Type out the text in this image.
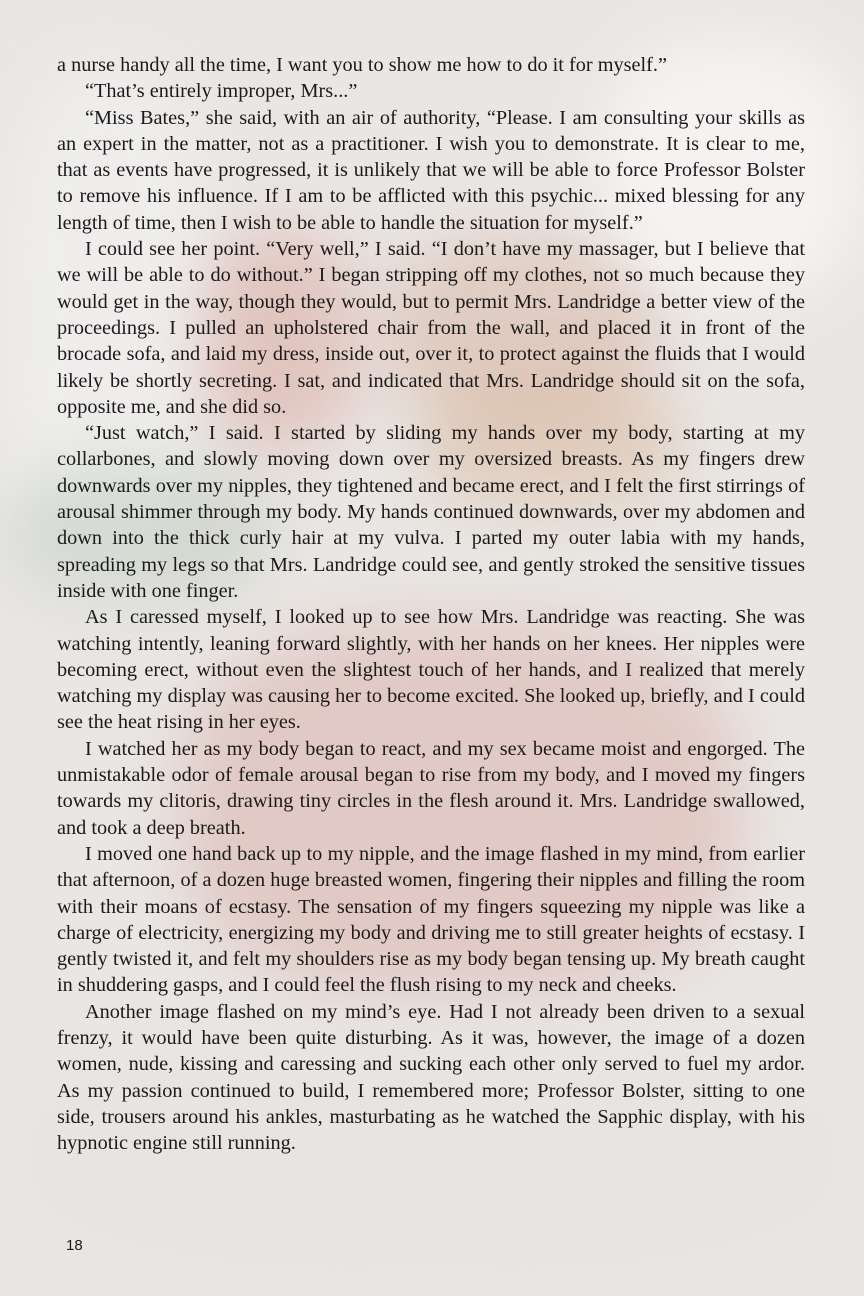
a nurse handy all the time, I want you to show me how to do it for myself.”

“That’s entirely improper, Mrs...”

“Miss Bates,” she said, with an air of authority, “Please. I am consulting your skills as an expert in the matter, not as a practitioner. I wish you to demonstrate. It is clear to me, that as events have progressed, it is unlikely that we will be able to force Professor Bolster to remove his influence. If I am to be afflicted with this psychic... mixed blessing for any length of time, then I wish to be able to handle the situation for myself.”

I could see her point. “Very well,” I said. “I don’t have my massager, but I believe that we will be able to do without.” I began stripping off my clothes, not so much because they would get in the way, though they would, but to permit Mrs. Landridge a better view of the proceedings. I pulled an upholstered chair from the wall, and placed it in front of the brocade sofa, and laid my dress, inside out, over it, to protect against the fluids that I would likely be shortly secreting. I sat, and indicated that Mrs. Landridge should sit on the sofa, opposite me, and she did so.

“Just watch,” I said. I started by sliding my hands over my body, starting at my collarbones, and slowly moving down over my oversized breasts. As my fingers drew downwards over my nipples, they tightened and became erect, and I felt the first stirrings of arousal shimmer through my body. My hands continued downwards, over my abdomen and down into the thick curly hair at my vulva. I parted my outer labia with my hands, spreading my legs so that Mrs. Landridge could see, and gently stroked the sensitive tissues inside with one finger.

As I caressed myself, I looked up to see how Mrs. Landridge was reacting. She was watching intently, leaning forward slightly, with her hands on her knees. Her nipples were becoming erect, without even the slightest touch of her hands, and I realized that merely watching my display was causing her to become excited. She looked up, briefly, and I could see the heat rising in her eyes.

I watched her as my body began to react, and my sex became moist and engorged. The unmistakable odor of female arousal began to rise from my body, and I moved my fingers towards my clitoris, drawing tiny circles in the flesh around it. Mrs. Landridge swallowed, and took a deep breath.

I moved one hand back up to my nipple, and the image flashed in my mind, from earlier that afternoon, of a dozen huge breasted women, fingering their nipples and filling the room with their moans of ecstasy. The sensation of my fingers squeezing my nipple was like a charge of electricity, energizing my body and driving me to still greater heights of ecstasy. I gently twisted it, and felt my shoulders rise as my body began tensing up. My breath caught in shuddering gasps, and I could feel the flush rising to my neck and cheeks.

Another image flashed on my mind’s eye. Had I not already been driven to a sexual frenzy, it would have been quite disturbing. As it was, however, the image of a dozen women, nude, kissing and caressing and sucking each other only served to fuel my ardor. As my passion continued to build, I remembered more; Professor Bolster, sitting to one side, trousers around his ankles, masturbating as he watched the Sapphic display, with his hypnotic engine still running.

18
